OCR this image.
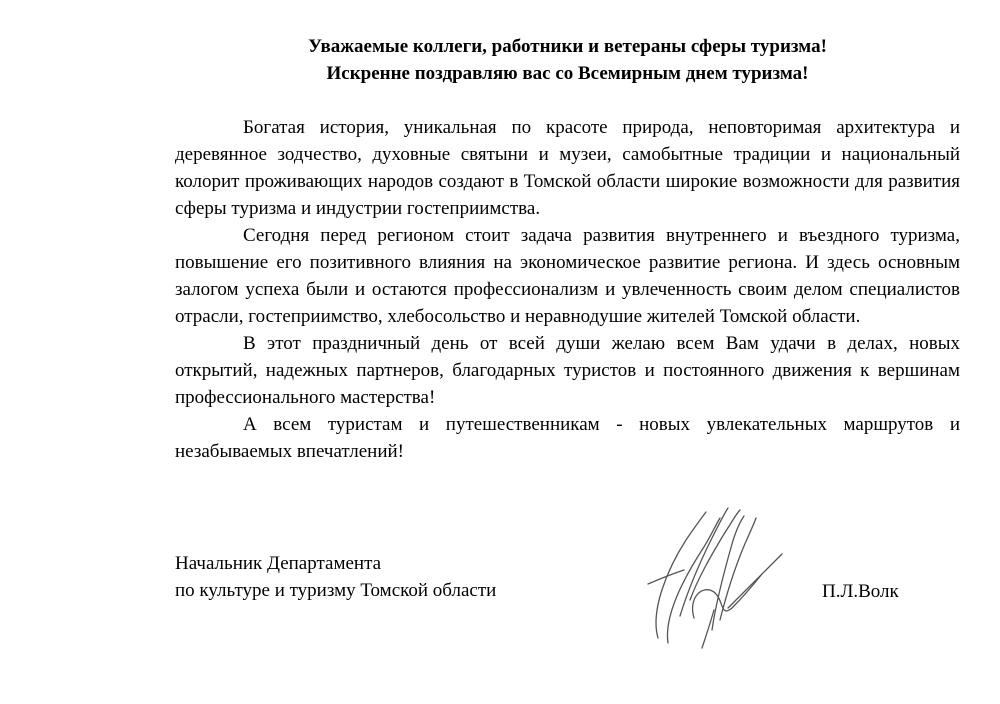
Уважаемые коллеги, работники и ветераны сферы туризма!

Искренне поздравляю вас со Всемирным днем туризма!

Богатая история, уникальная по красоте природа, неповторимая архитектура и деревянное зодчество, духовные святыни и музеи, самобытные традиции и национальный колорит проживающих народов создают в Томской области широкие возможности для развития сферы туризма и индустрии гостеприимства.

Сегодня перед регионом стоит задача развития внутреннего и въездного туризма, повышение его позитивного влияния на экономическое развитие региона. И здесь основным залогом успеха были и остаются профессионализм и увлеченность своим делом специалистов отрасли, гостеприимство, хлебосольство и неравнодушие жителей Томской области.

В этот праздничный день от всей души желаю всем Вам удачи в делах, новых открытий, надежных партнеров, благодарных туристов и постоянного движения к вершинам профессионального мастерства!

А всем туристам и путешественникам - новых увлекательных маршрутов и незабываемых впечатлений!

Начальник Департамента
по культуре и туризму Томской области	П.Л.Волк
